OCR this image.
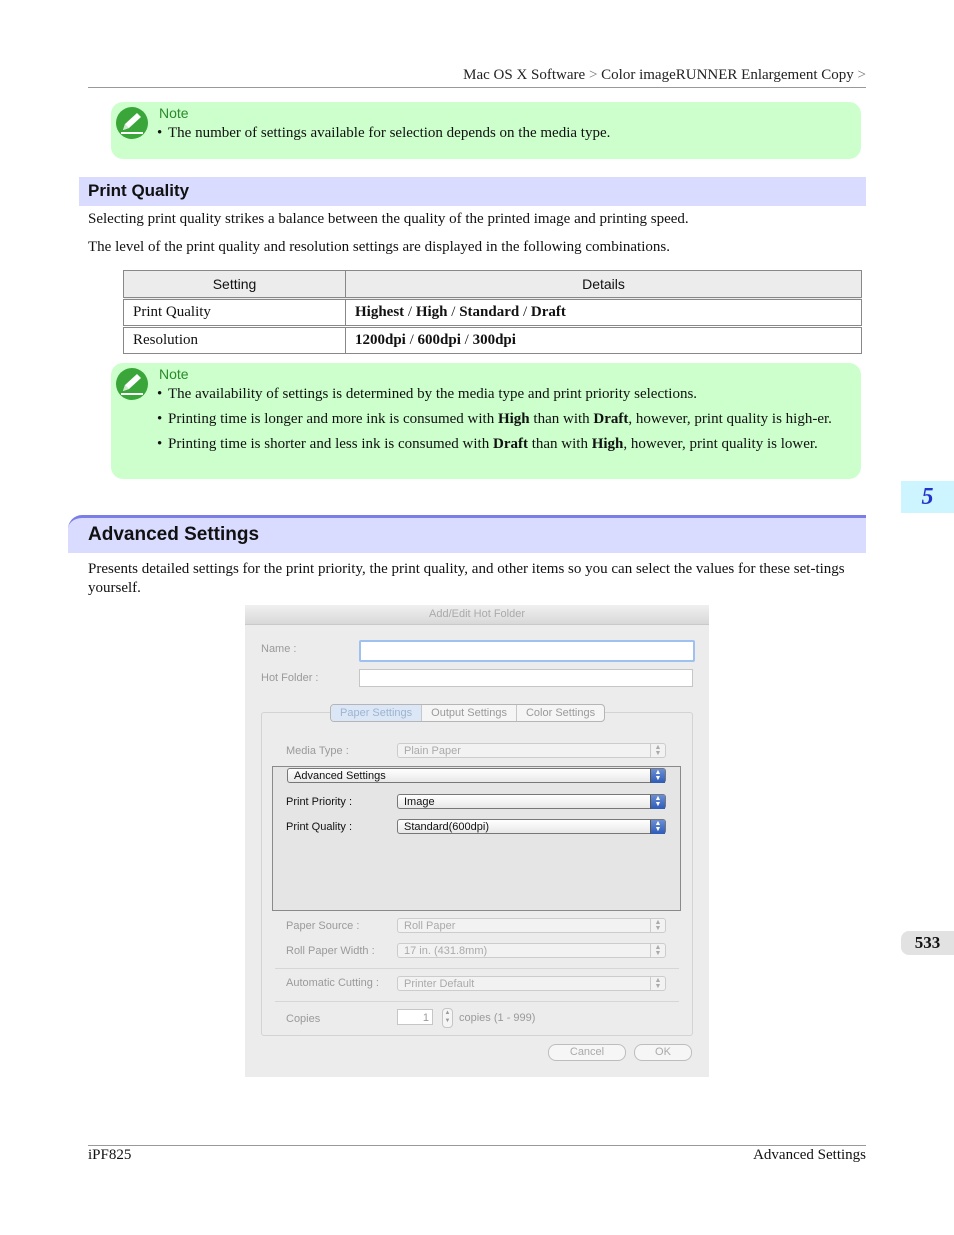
Mac OS X Software > Color imageRUNNER Enlargement Copy >
Note
• The number of settings available for selection depends on the media type.
Print Quality
Selecting print quality strikes a balance between the quality of the printed image and printing speed.
The level of the print quality and resolution settings are displayed in the following combinations.
Setting	Details
Print Quality	Highest / High / Standard / Draft
Resolution	1200dpi / 600dpi / 300dpi
Note
• The availability of settings is determined by the media type and print priority selections.
• Printing time is longer and more ink is consumed with High than with Draft, however, print quality is high-er.
• Printing time is shorter and less ink is consumed with Draft than with High, however, print quality is lower.
Advanced Settings
Presents detailed settings for the print priority, the print quality, and other items so you can select the values for these set-tings yourself.
Add/Edit Hot Folder
Name :
Hot Folder :
Paper Settings	Output Settings	Color Settings
Media Type :	Plain Paper	▲
▼
Advanced Settings	▲
▼
Print Priority :	Image	▲
▼
Print Quality :	Standard(600dpi)	▲
▼
Paper Source :	Roll Paper	▲
▼
Roll Paper Width :	17 in. (431.8mm)	▲
▼
Automatic Cutting :	Printer Default	▲
▼
Copies	1	▲
▼ copies (1 - 999)
Cancel	OK
5
533
iPF825	Advanced Settings
